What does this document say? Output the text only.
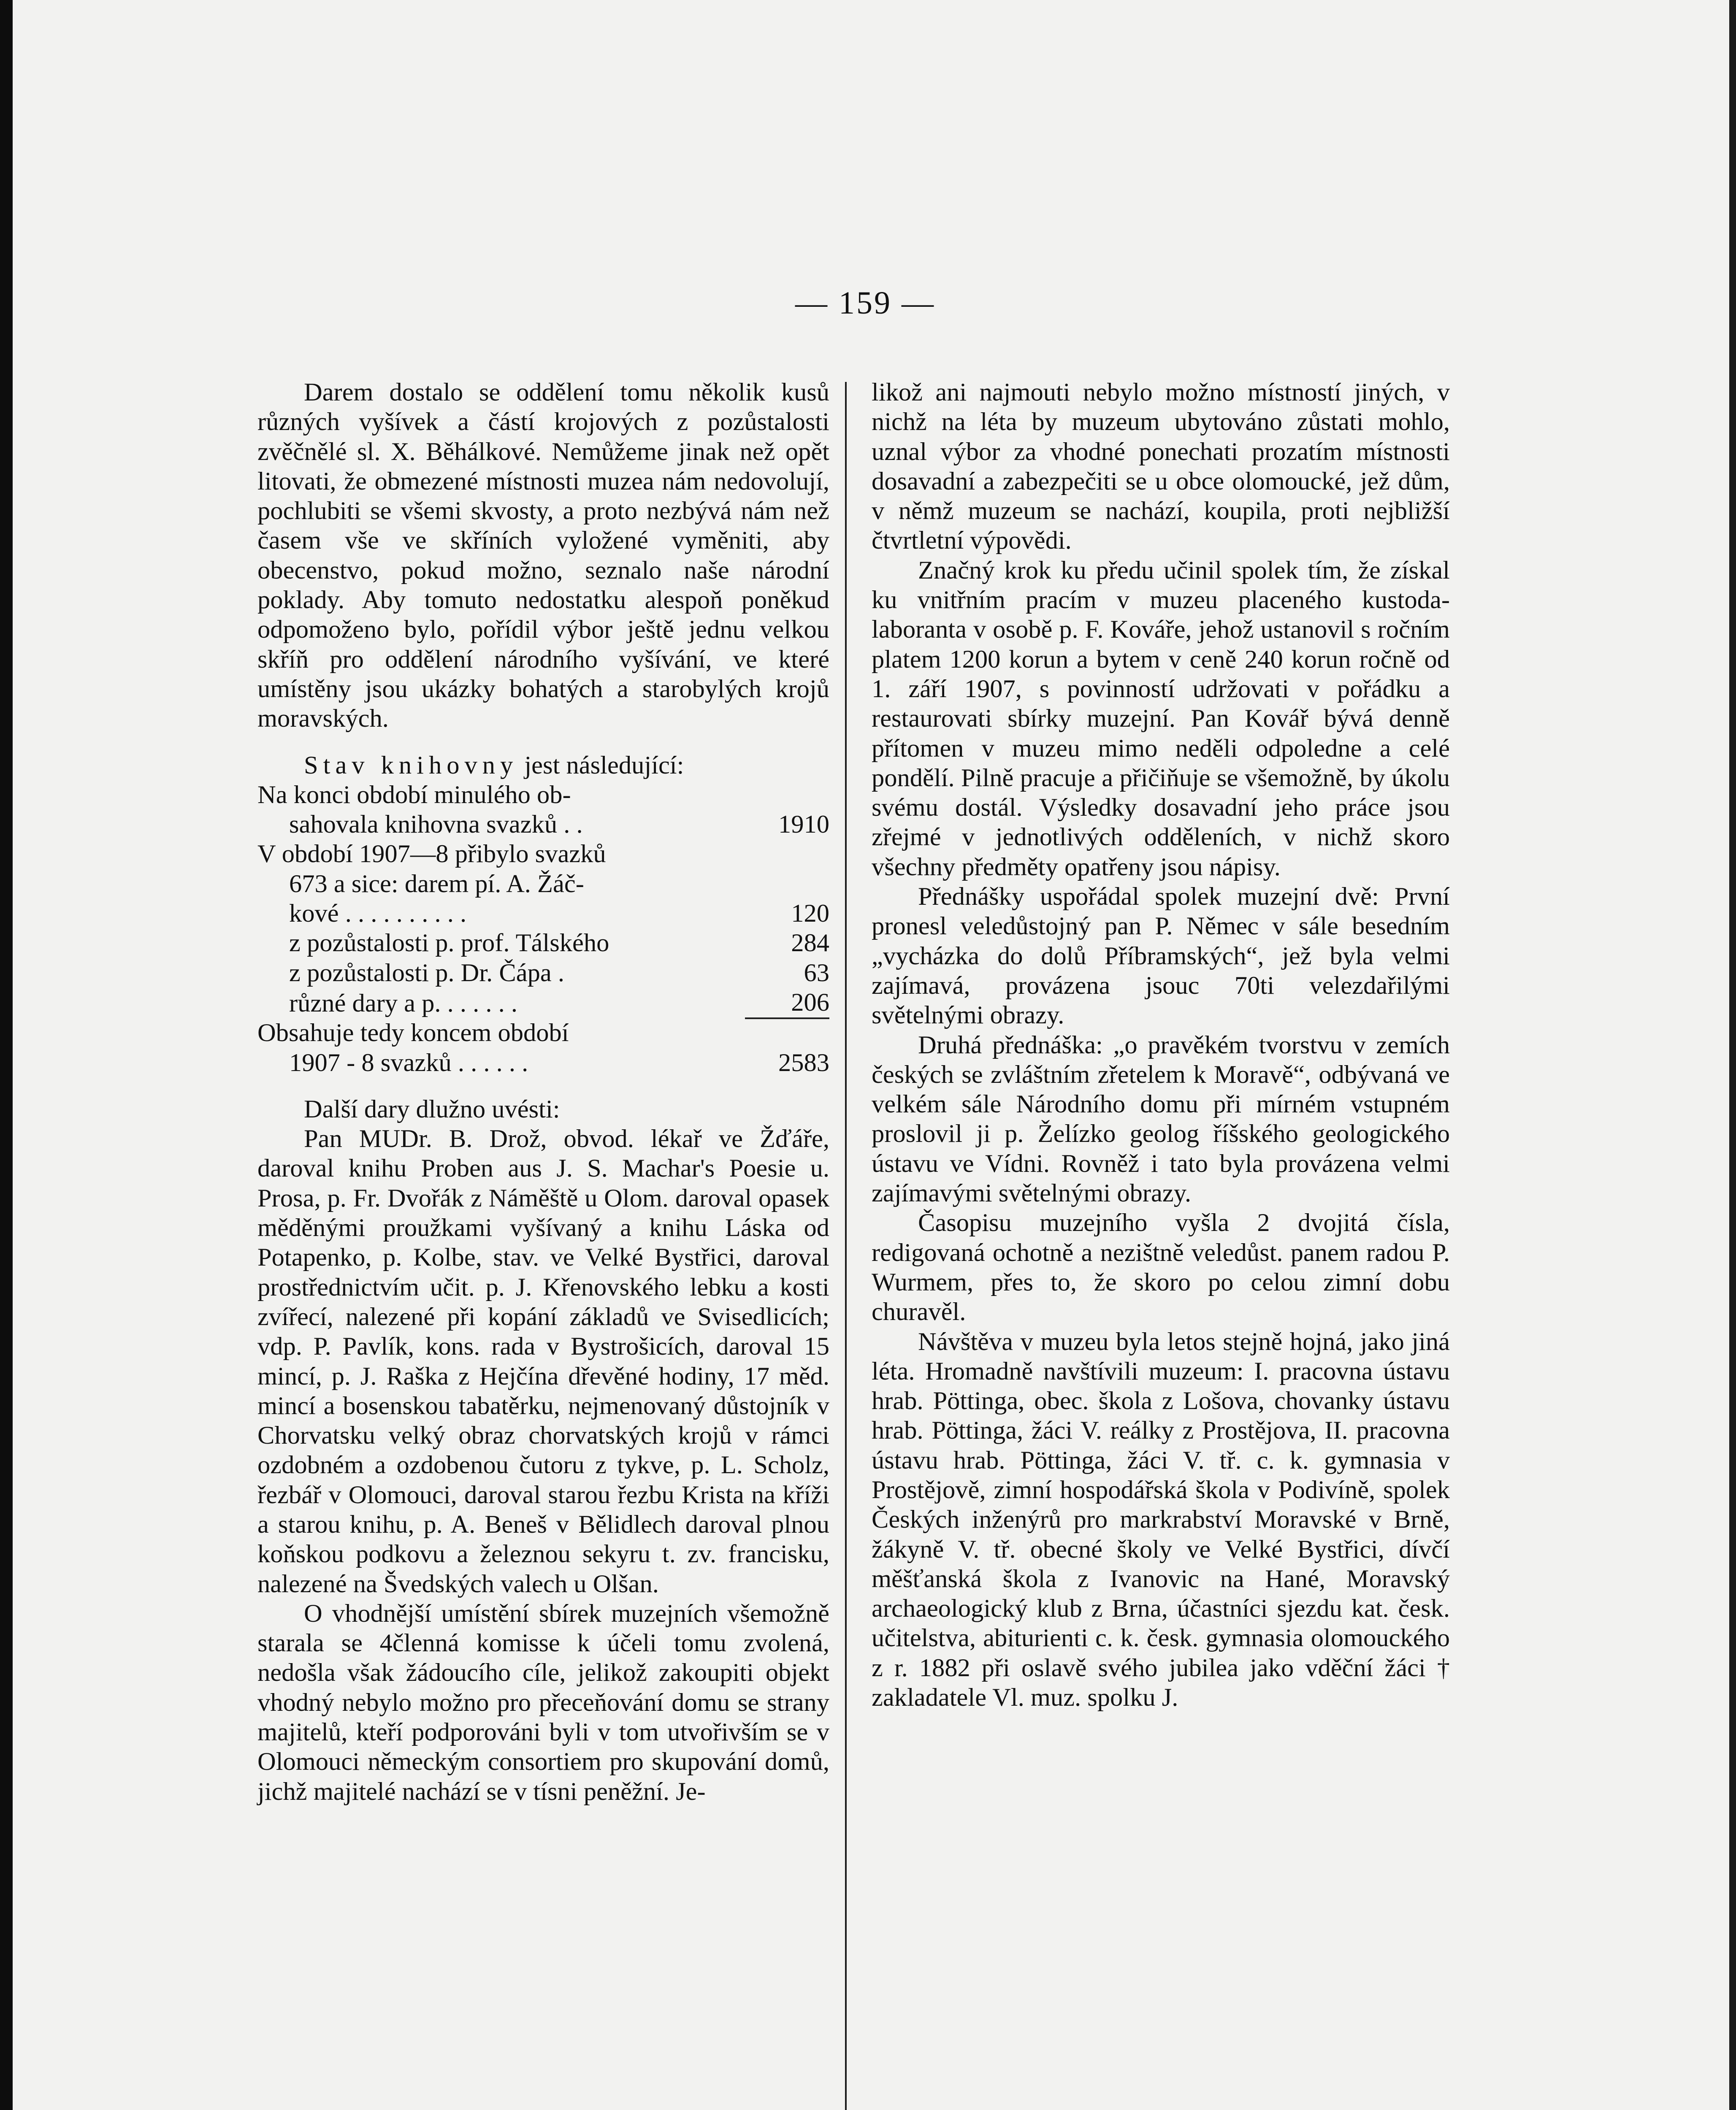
— 159 —

Darem dostalo se oddělení tomu několik kusů různých vyšívek a částí krojových z pozůstalosti zvěčnělé sl. X. Běhálkové. Nemůžeme jinak než opět litovati, že obmezené místnosti muzea nám nedovolují, pochlubiti se všemi skvosty, a proto nezbývá nám než časem vše ve skříních vyložené vyměniti, aby obecenstvo, pokud možno, seznalo naše národní poklady. Aby tomuto nedostatku alespoň poněkud odpomoženo bylo, pořídil výbor ještě jednu velkou skříň pro oddělení národního vyšívání, ve které umístěny jsou ukázky bohatých a starobylých krojů moravských.

Stav knihovny jest následující:

Na konci období minulého ob-	
sahovala knihovna svazků . .	1910
V období 1907—8 přibylo svazků	
673 a sice: darem pí. A. Žáč-	
kové . . . . . . . . . .	120
z pozůstalosti p. prof. Tálského	284
z pozůstalosti p. Dr. Čápa .	63
různé dary a p. . . . . . .	206
Obsahuje tedy koncem období	
1907 - 8 svazků . . . . . .	2583

Další dary dlužno uvésti:

Pan MUDr. B. Drož, obvod. lékař ve Žďáře, daroval knihu Proben aus J. S. Machar's Poesie u. Prosa, p. Fr. Dvořák z Náměště u Olom. daroval opasek měděnými proužkami vyšívaný a knihu Láska od Potapenko, p. Kolbe, stav. ve Velké Bystřici, daroval prostřednictvím učit. p. J. Křenovského lebku a kosti zvířecí, nalezené při kopání základů ve Svisedlicích; vdp. P. Pavlík, kons. rada v Bystrošicích, daroval 15 mincí, p. J. Raška z Hejčína dřevěné hodiny, 17 měd. mincí a bosenskou tabatěrku, nejmenovaný důstojník v Chorvatsku velký obraz chorvatských krojů v rámci ozdobném a ozdobenou čutoru z tykve, p. L. Scholz, řezbář v Olomouci, daroval starou řezbu Krista na kříži a starou knihu, p. A. Beneš v Bělidlech daroval plnou koňskou podkovu a železnou sekyru t. zv. francisku, nalezené na Švedských valech u Olšan.

O vhodnější umístění sbírek muzejních všemožně starala se 4členná komisse k účeli tomu zvolená, nedošla však žádoucího cíle, jelikož zakoupiti objekt vhodný nebylo možno pro přeceňování domu se strany majitelů, kteří podporováni byli v tom utvořivším se v Olomouci německým consortiem pro skupování domů, jichž majitelé nachází se v tísni peněžní. Je-

likož ani najmouti nebylo možno místností jiných, v nichž na léta by muzeum ubytováno zůstati mohlo, uznal výbor za vhodné ponechati prozatím místnosti dosavadní a zabezpečiti se u obce olomoucké, jež dům, v němž muzeum se nachází, koupila, proti nejbližší čtvrtletní výpovědi.

Značný krok ku předu učinil spolek tím, že získal ku vnitřním pracím v muzeu placeného kustoda-laboranta v osobě p. F. Kováře, jehož ustanovil s ročním platem 1200 korun a bytem v ceně 240 korun ročně od 1. září 1907, s povinností udržovati v pořádku a restaurovati sbírky muzejní. Pan Kovář bývá denně přítomen v muzeu mimo neděli odpoledne a celé pondělí. Pilně pracuje a přičiňuje se všemožně, by úkolu svému dostál. Výsledky dosavadní jeho práce jsou zřejmé v jednotlivých odděleních, v nichž skoro všechny předměty opatřeny jsou nápisy.

Přednášky uspořádal spolek muzejní dvě: První pronesl veledůstojný pan P. Němec v sále besedním „vycházka do dolů Příbramských“, jež byla velmi zajímavá, provázena jsouc 70ti velezdařilými světelnými obrazy.

Druhá přednáška: „o pravěkém tvorstvu v zemích českých se zvláštním zřetelem k Moravě“, odbývaná ve velkém sále Národního domu při mírném vstupném proslovil ji p. Želízko geolog říšského geologického ústavu ve Vídni. Rovněž i tato byla provázena velmi zajímavými světelnými obrazy.

Časopisu muzejního vyšla 2 dvojitá čísla, redigovaná ochotně a nezištně veledůst. panem radou P. Wurmem, přes to, že skoro po celou zimní dobu churavěl.

Návštěva v muzeu byla letos stejně hojná, jako jiná léta. Hromadně navštívili muzeum: I. pracovna ústavu hrab. Pöttinga, obec. škola z Lošova, chovanky ústavu hrab. Pöttinga, žáci V. reálky z Prostějova, II. pracovna ústavu hrab. Pöttinga, žáci V. tř. c. k. gymnasia v Prostějově, zimní hospodářská škola v Podivíně, spolek Českých inženýrů pro markrabství Moravské v Brně, žákyně V. tř. obecné školy ve Velké Bystřici, dívčí měšťanská škola z Ivanovic na Hané, Moravský archaeologický klub z Brna, účastníci sjezdu kat. česk. učitelstva, abiturienti c. k. česk. gymnasia olomouckého z r. 1882 při oslavě svého jubilea jako vděční žáci † zakladatele Vl. muz. spolku J.
